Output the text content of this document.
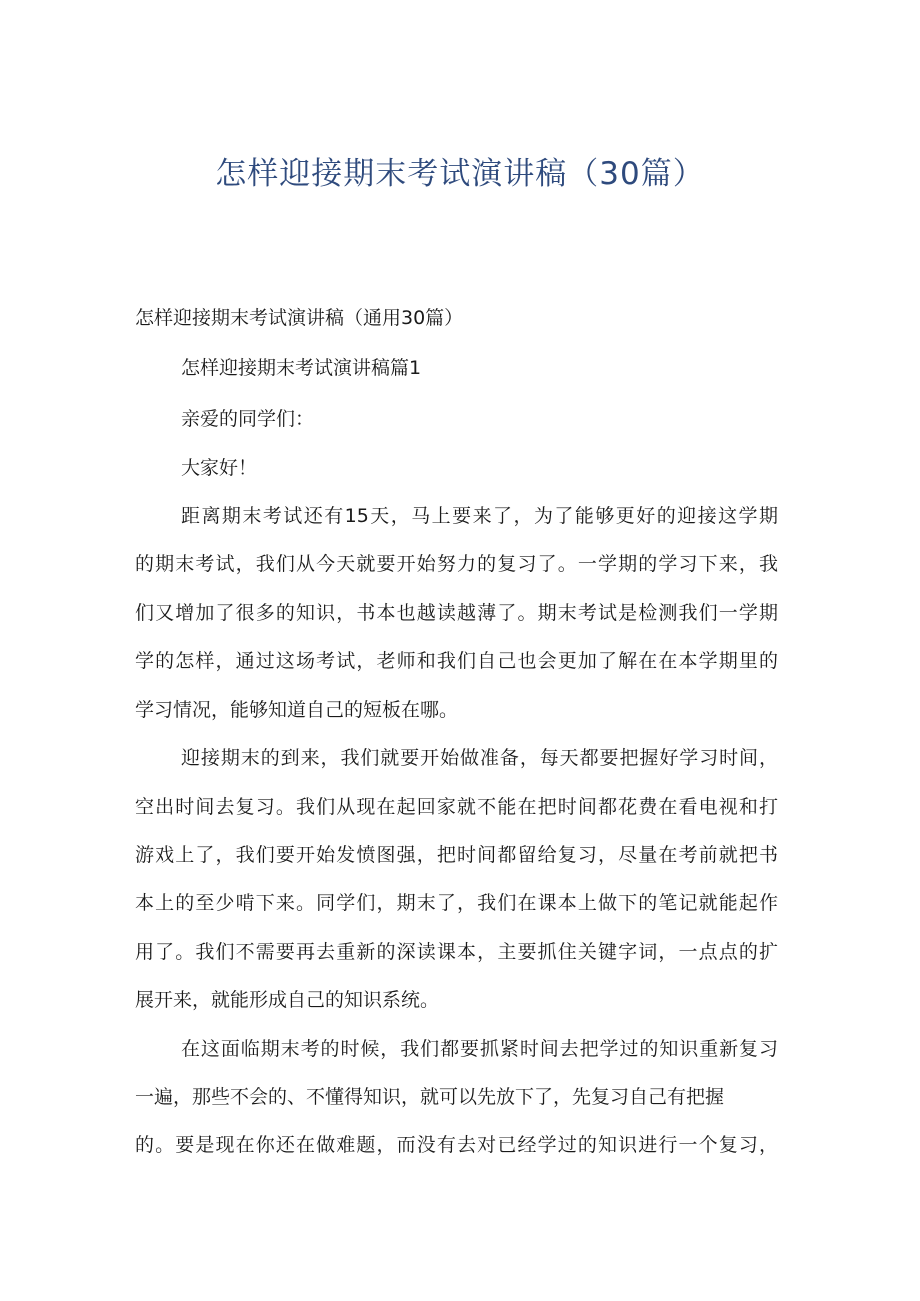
怎样迎接期末考试演讲稿（30篇）
怎样迎接期末考试演讲稿（通用30篇）
怎样迎接期末考试演讲稿篇1
亲爱的同学们：
大家好！
距离期末考试还有15天，马上要来了，为了能够更好的迎接这学期
的期末考试，我们从今天就要开始努力的复习了。一学期的学习下来，我
们又增加了很多的知识，书本也越读越薄了。期末考试是检测我们一学期
学的怎样，通过这场考试，老师和我们自己也会更加了解在在本学期里的
学习情况，能够知道自己的短板在哪。
迎接期末的到来，我们就要开始做准备，每天都要把握好学习时间，
空出时间去复习。我们从现在起回家就不能在把时间都花费在看电视和打
游戏上了，我们要开始发愤图强，把时间都留给复习，尽量在考前就把书
本上的至少啃下来。同学们，期末了，我们在课本上做下的笔记就能起作
用了。我们不需要再去重新的深读课本，主要抓住关键字词，一点点的扩
展开来，就能形成自己的知识系统。
在这面临期末考的时候，我们都要抓紧时间去把学过的知识重新复习
一遍，那些不会的、不懂得知识，就可以先放下了，先复习自己有把握
的。要是现在你还在做难题，而没有去对已经学过的知识进行一个复习，
